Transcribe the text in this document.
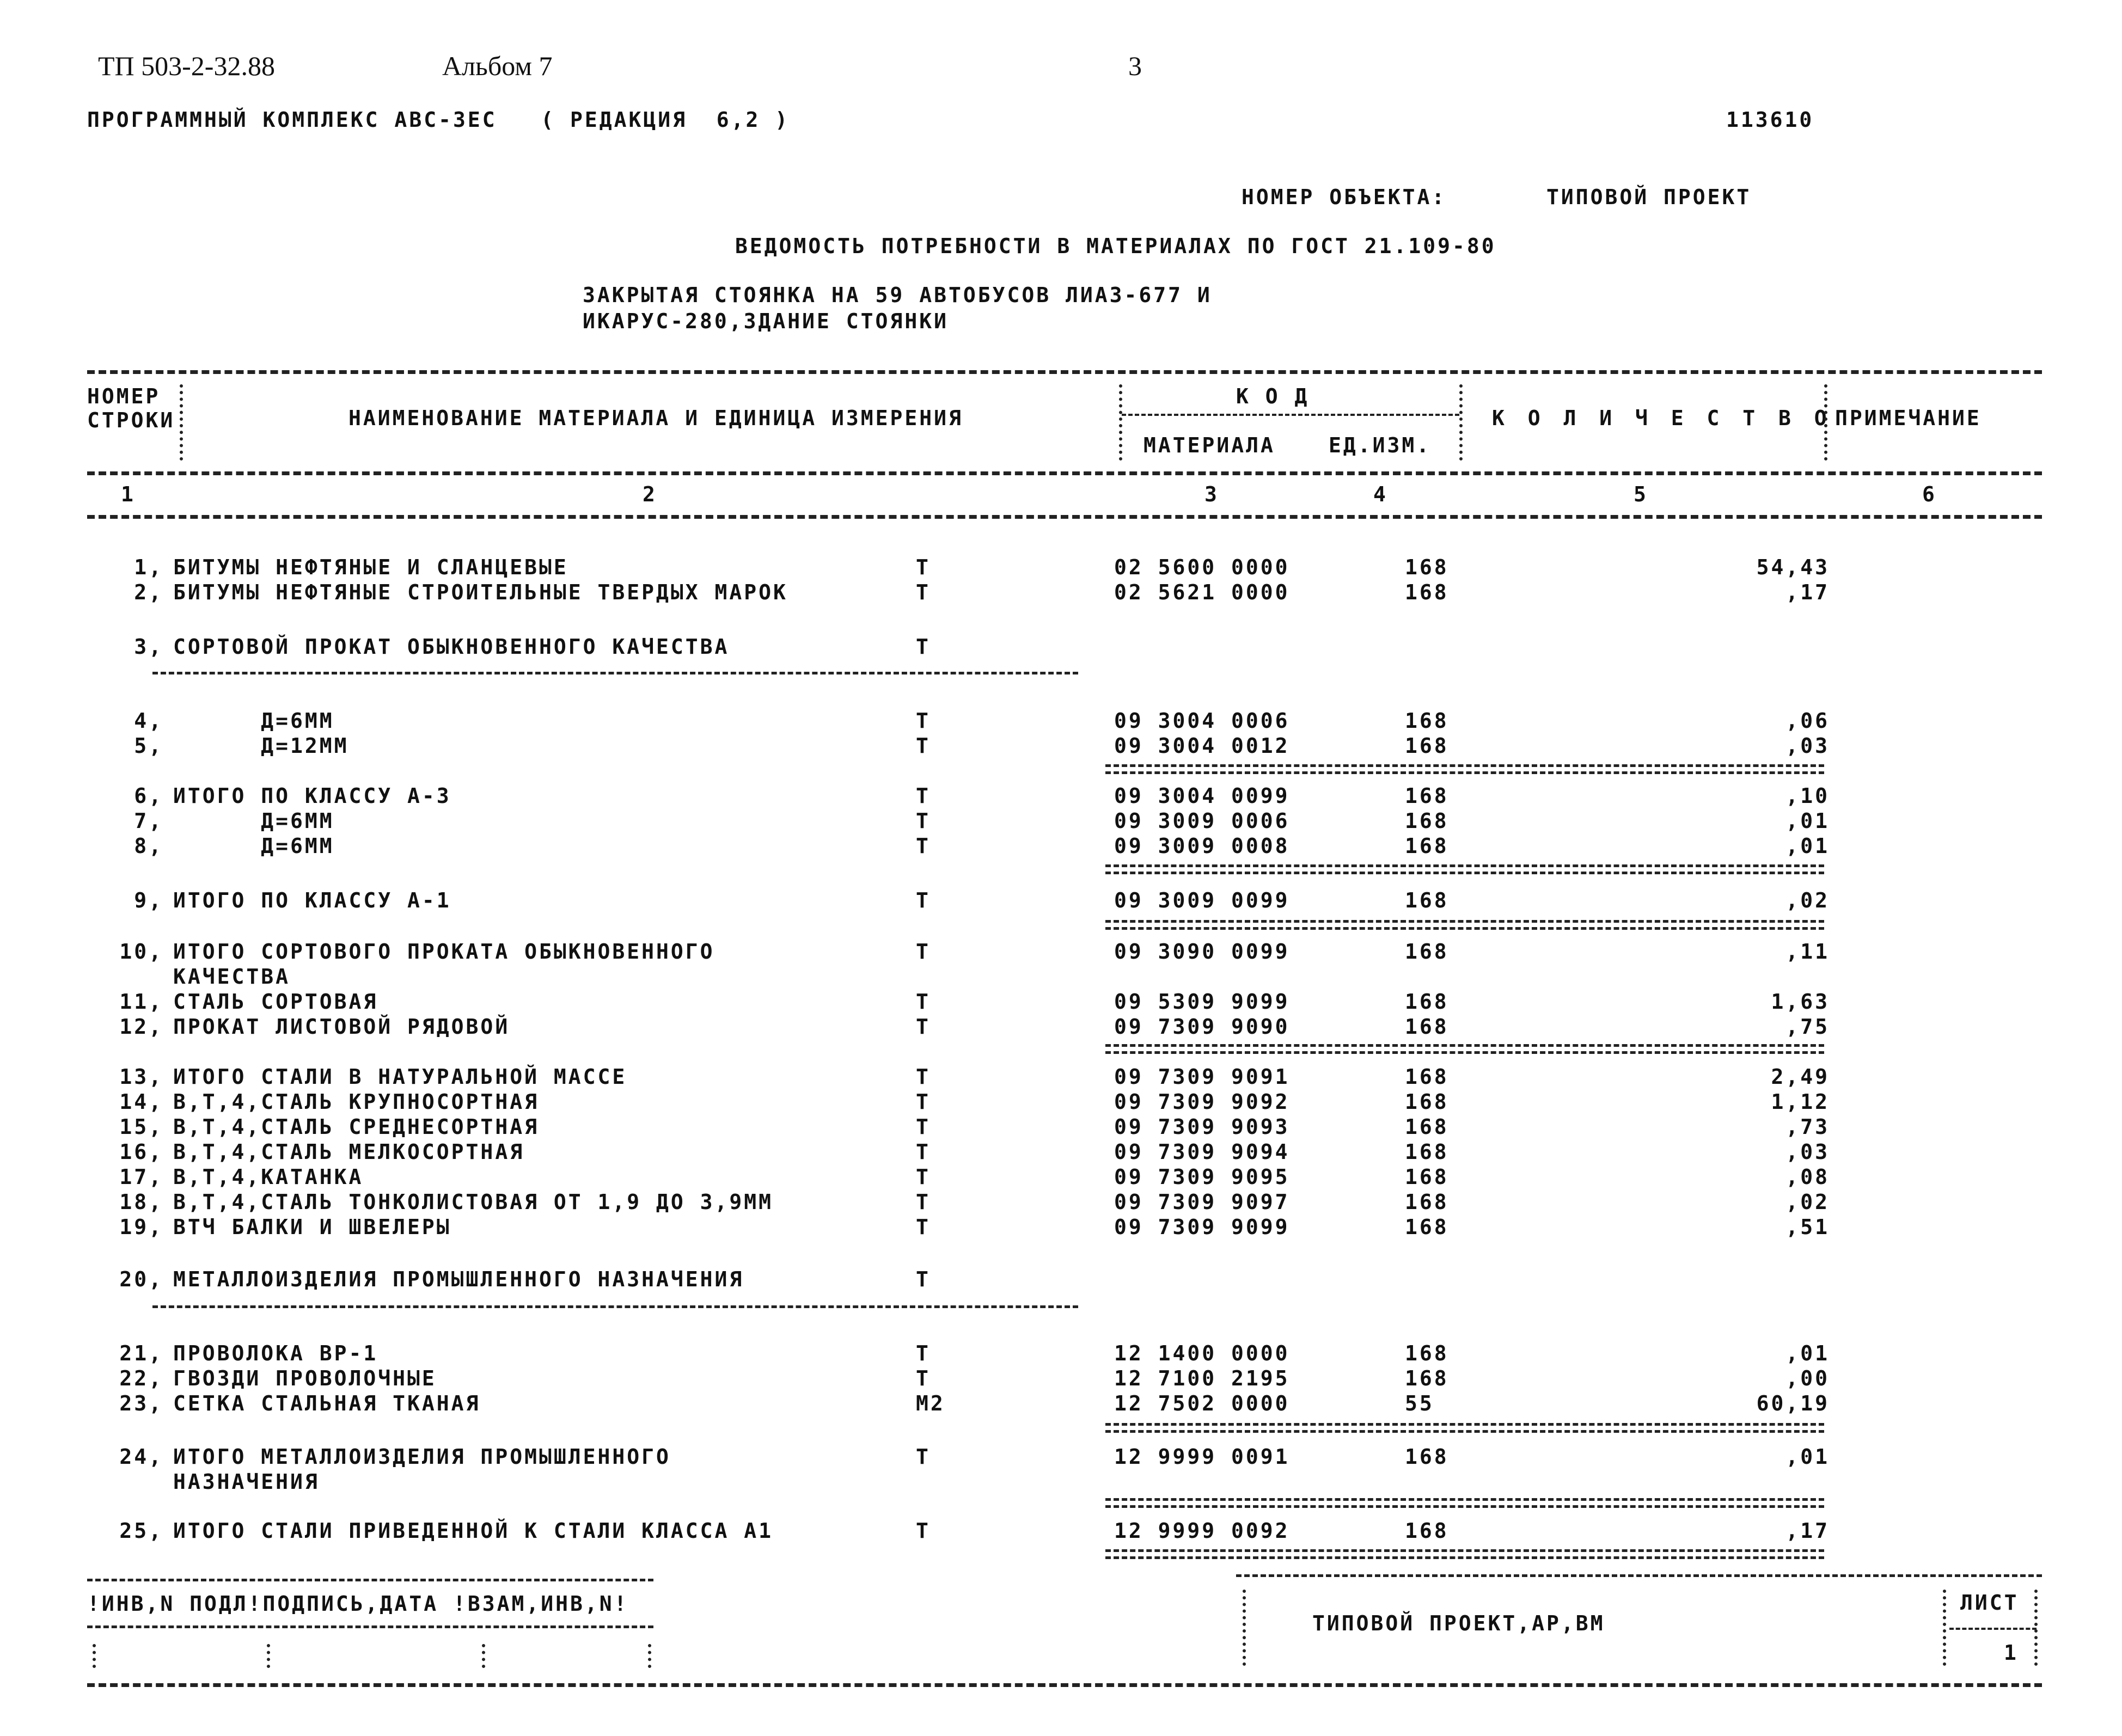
ТП 503-2-32.88	Альбом 7	3
ПРОГРАММНЫЙ КОМПЛЕКС АВС-3ЕС   ( РЕДАКЦИЯ  6,2 )	113610
НОМЕР ОБЪЕКТА:	ТИПОВОЙ ПРОЕКТ
ВЕДОМОСТЬ ПОТРЕБНОСТИ В МАТЕРИАЛАХ ПО ГОСТ 21.109-80
ЗАКРЫТАЯ СТОЯНКА НА 59 АВТОБУСОВ ЛИАЗ-677 И
ИКАРУС-280,ЗДАНИЕ СТОЯНКИ
НОМЕР
СТРОКИ	НАИМЕНОВАНИЕ МАТЕРИАЛА И ЕДИНИЦА ИЗМЕРЕНИЯ
К О Д
МАТЕРИАЛА	ЕД.ИЗМ.
К О Л И Ч Е С Т В О ПРИМЕЧАНИЕ
1	2	3	4	5	6
1, БИТУМЫ НЕФТЯНЫЕ И СЛАНЦЕВЫЕ	Т	02 5600 0000	168	54,43
2, БИТУМЫ НЕФТЯНЫЕ СТРОИТЕЛЬНЫЕ ТВЕРДЫХ МАРОК	Т	02 5621 0000	168	,17
3, СОРТОВОЙ ПРОКАТ ОБЫКНОВЕННОГО КАЧЕСТВА	Т
4, Д=6ММ	Т	09 3004 0006	168	,06
5, Д=12ММ	Т	09 3004 0012	168	,03
6, ИТОГО ПО КЛАССУ А-3	Т	09 3004 0099	168	,10
7, Д=6ММ	Т	09 3009 0006	168	,01
8, Д=6ММ	Т	09 3009 0008	168	,01
9, ИТОГО ПО КЛАССУ А-1	Т	09 3009 0099	168	,02
10, ИТОГО СОРТОВОГО ПРОКАТА ОБЫКНОВЕННОГО	Т	09 3090 0099	168	,11
КАЧЕСТВА
11, СТАЛЬ СОРТОВАЯ	Т	09 5309 9099	168	1,63
12, ПРОКАТ ЛИСТОВОЙ РЯДОВОЙ	Т	09 7309 9090	168	,75
13, ИТОГО СТАЛИ В НАТУРАЛЬНОЙ МАССЕ	Т	09 7309 9091	168	2,49
14, В,Т,4,СТАЛЬ КРУПНОСОРТНАЯ	Т	09 7309 9092	168	1,12
15, В,Т,4,СТАЛЬ СРЕДНЕСОРТНАЯ	Т	09 7309 9093	168	,73
16, В,Т,4,СТАЛЬ МЕЛКОСОРТНАЯ	Т	09 7309 9094	168	,03
17, В,Т,4,КАТАНКА	Т	09 7309 9095	168	,08
18, В,Т,4,СТАЛЬ ТОНКОЛИСТОВАЯ ОТ 1,9 ДО 3,9ММ	Т	09 7309 9097	168	,02
19, ВТЧ БАЛКИ И ШВЕЛЕРЫ	Т	09 7309 9099	168	,51
20, МЕТАЛЛОИЗДЕЛИЯ ПРОМЫШЛЕННОГО НАЗНАЧЕНИЯ	Т
21, ПРОВОЛОКА ВР-1	Т	12 1400 0000	168	,01
22, ГВОЗДИ ПРОВОЛОЧНЫЕ	Т	12 7100 2195	168	,00
23, СЕТКА СТАЛЬНАЯ ТКАНАЯ	М2	12 7502 0000	55	60,19
24, ИТОГО МЕТАЛЛОИЗДЕЛИЯ ПРОМЫШЛЕННОГО	Т	12 9999 0091	168	,01
НАЗНАЧЕНИЯ
25, ИТОГО СТАЛИ ПРИВЕДЕННОЙ К СТАЛИ КЛАССА А1	Т	12 9999 0092	168	,17
!ИНВ,N ПОДЛ!ПОДПИСЬ,ДАТА !ВЗАМ,ИНВ,N!
ТИПОВОЙ ПРОЕКТ,АР,ВМ
ЛИСТ
1
